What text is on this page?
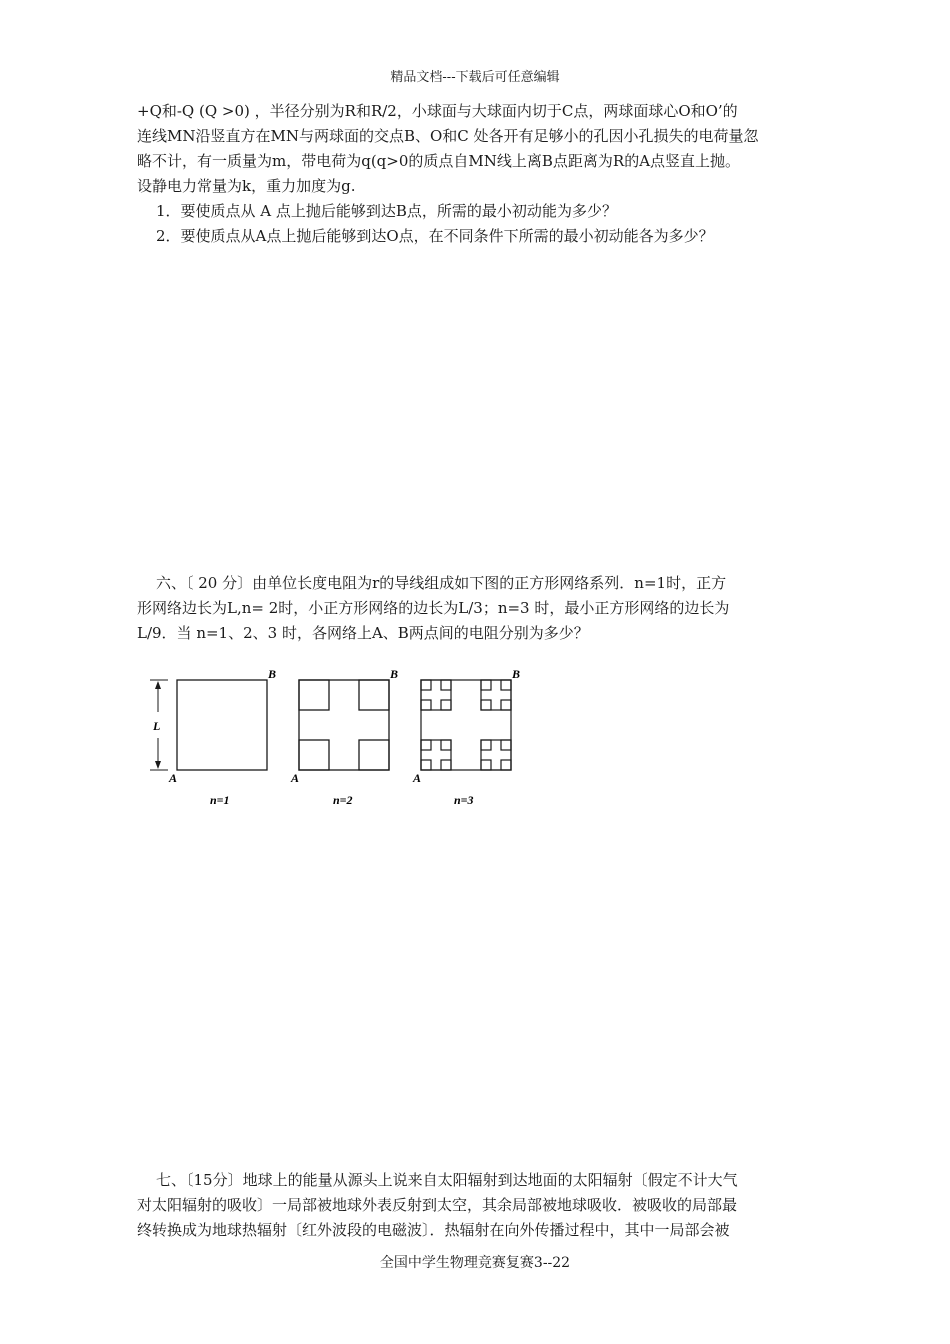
精品文档---下载后可任意编辑
+Q和-Q (Q >0) ，半径分别为R和R/2，小球面与大球面内切于C点，两球面球心O和O’的
连线MN沿竖直方在MN与两球面的交点B、O和C 处各开有足够小的孔因小孔损失的电荷量忽
略不计，有一质量为m，带电荷为q(q>0的质点自MN线上离B点距离为R的A点竖直上抛。
设静电力常量为k，重力加度为g.
1．要使质点从 A 点上抛后能够到达B点，所需的最小初动能为多少？
2．要使质点从A点上抛后能够到达O点，在不同条件下所需的最小初动能各为多少？
六、〔 20 分〕由单位长度电阻为r的导线组成如下图的正方形网络系列．n=1时，正方
形网络边长为L,n= 2时，小正方形网络的边长为L/3；n=3 时，最小正方形网络的边长为
L/9．当 n=1、2、3 时，各网络上A、B两点间的电阻分别为多少？
L
A
B
A
B
A
B
n=1	n=2	n=3
七、〔15分〕地球上的能量从源头上说来自太阳辐射到达地面的太阳辐射〔假定不计大气
对太阳辐射的吸收〕一局部被地球外表反射到太空，其余局部被地球吸收．被吸收的局部最
终转换成为地球热辐射〔红外波段的电磁波〕．热辐射在向外传播过程中，其中一局部会被
全国中学生物理竞赛复赛3--22
